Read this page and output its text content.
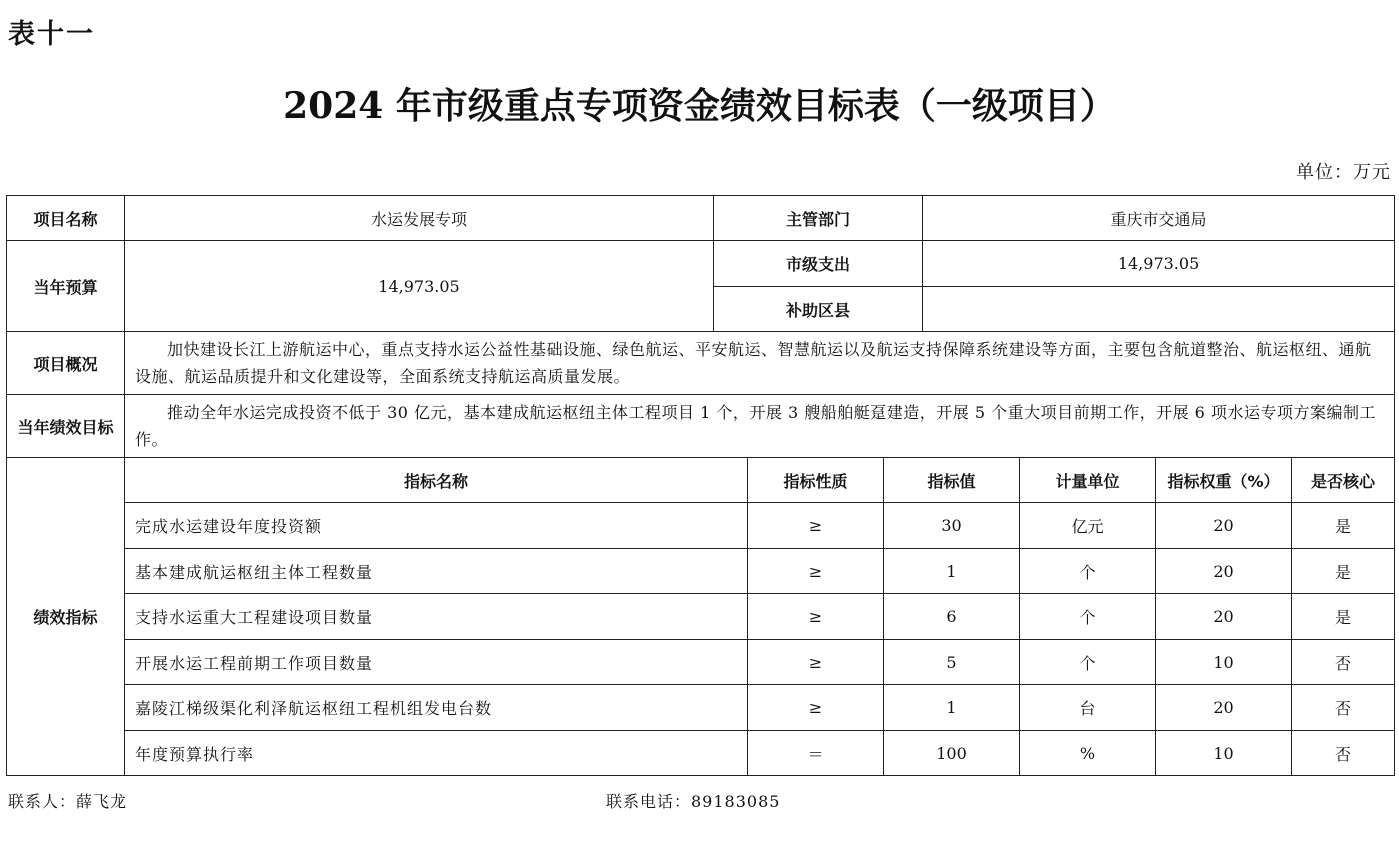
表十一
2024 年市级重点专项资金绩效目标表（一级项目）
单位：万元
项目名称	水运发展专项	主管部门			重庆市交通局			
当年预算	14,973.05	市级支出			14,973.05			
		补助区县						
项目概况	加快建设长江上游航运中心，重点支持水运公益性基础设施、绿色航运、平安航运、智慧航运以及航运支持保障系统建设等方面，主要包含航道整治、航运枢纽、通航设施、航运品质提升和文化建设等，全面系统支持航运高质量发展。							
当年绩效目标	推动全年水运完成投资不低于 30 亿元，基本建成航运枢纽主体工程项目 1 个，开展 3 艘船舶艇趸建造，开展 5 个重大项目前期工作，开展 6 项水运专项方案编制工作。							
绩效指标	指标名称		指标性质	指标值		计量单位	指标权重（%）	是否核心
	完成水运建设年度投资额		≥	30		亿元	20	是
	基本建成航运枢纽主体工程数量		≥	1		个	20	是
	支持水运重大工程建设项目数量		≥	6		个	20	是
	开展水运工程前期工作项目数量		≥	5		个	10	否
	嘉陵江梯级渠化利泽航运枢纽工程机组发电台数		≥	1		台	20	否
	年度预算执行率		＝	100		%	10	否
联系人：薛飞龙	联系电话：89183085
